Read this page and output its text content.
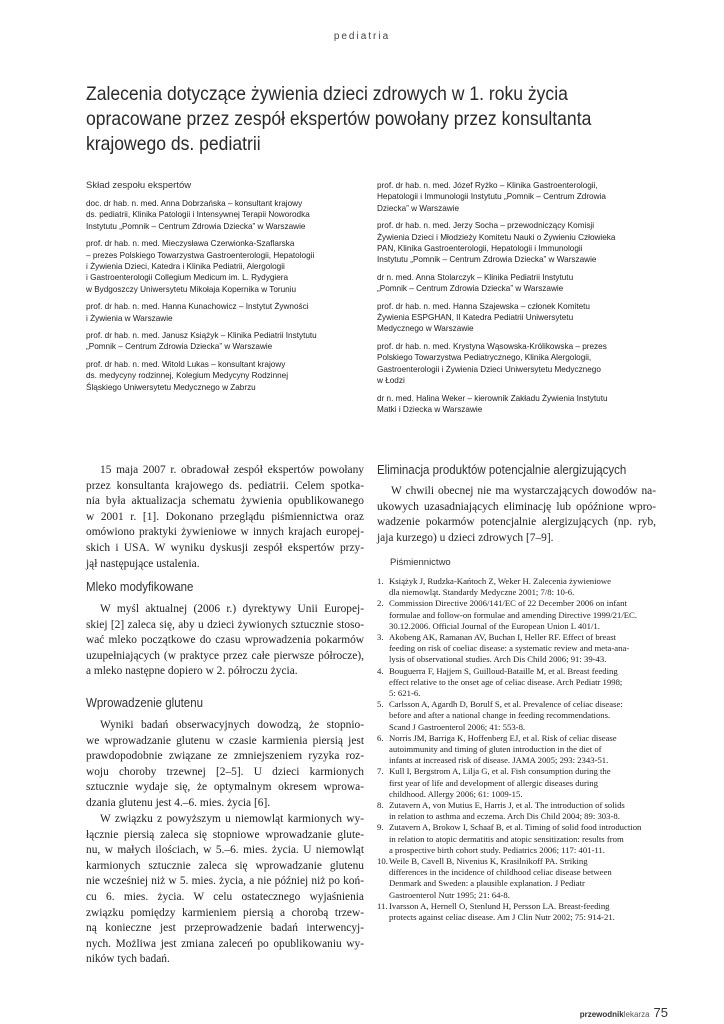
pediatria
Zalecenia dotyczące żywienia dzieci zdrowych w 1. roku życia
opracowane przez zespół ekspertów powołany przez konsultanta
krajowego ds. pediatrii
Skład zespołu ekspertów
doc. dr hab. n. med. Anna Dobrzańska – konsultant krajowy
ds. pediatrii, Klinika Patologii i Intensywnej Terapii Noworodka
Instytutu „Pomnik – Centrum Zdrowia Dziecka” w Warszawie
prof. dr hab. n. med. Mieczysława Czerwionka-Szaflarska
– prezes Polskiego Towarzystwa Gastroenterologii, Hepatologii
i Żywienia Dzieci, Katedra i Klinika Pediatrii, Alergologii
i Gastroenterologii Collegium Medicum im. L. Rydygiera
w Bydgoszczy Uniwersytetu Mikołaja Kopernika w Toruniu
prof. dr hab. n. med. Hanna Kunachowicz – Instytut Żywności
i Żywienia w Warszawie
prof. dr hab. n. med. Janusz Książyk – Klinika Pediatrii Instytutu
„Pomnik – Centrum Zdrowia Dziecka” w Warszawie
prof. dr hab. n. med. Witold Lukas – konsultant krajowy
ds. medycyny rodzinnej, Kolegium Medycyny Rodzinnej
Śląskiego Uniwersytetu Medycznego w Zabrzu
prof. dr hab. n. med. Józef Ryżko – Klinika Gastroenterologii,
Hepatologii i Immunologii Instytutu „Pomnik – Centrum Zdrowia
Dziecka” w Warszawie
prof. dr hab. n. med. Jerzy Socha – przewodniczący Komisji
Żywienia Dzieci i Młodzieży Komitetu Nauki o Żywieniu Człowieka
PAN, Klinika Gastroenterologii, Hepatologii i Immunologii
Instytutu „Pomnik – Centrum Zdrowia Dziecka” w Warszawie
dr n. med. Anna Stolarczyk – Klinika Pediatrii Instytutu
„Pomnik – Centrum Zdrowia Dziecka” w Warszawie
prof. dr hab. n. med. Hanna Szajewska – członek Komitetu
Żywienia ESPGHAN, II Katedra Pediatrii Uniwersytetu
Medycznego w Warszawie
prof. dr hab. n. med. Krystyna Wąsowska-Królikowska – prezes
Polskiego Towarzystwa Pediatrycznego, Klinika Alergologii,
Gastroenterologii i Żywienia Dzieci Uniwersytetu Medycznego
w Łodzi
dr n. med. Halina Weker – kierownik Zakładu Żywienia Instytutu
Matki i Dziecka w Warszawie
15 maja 2007 r. obradował zespół ekspertów powołany
przez konsultanta krajowego ds. pediatrii. Celem spotka-
nia była aktualizacja schematu żywienia opublikowanego
w 2001 r. [1]. Dokonano przeglądu piśmiennictwa oraz
omówiono praktyki żywieniowe w innych krajach europej-
skich i USA. W wyniku dyskusji zespół ekspertów przy-
jął następujące ustalenia.
Mleko modyfikowane
W myśl aktualnej (2006 r.) dyrektywy Unii Europej-
skiej [2] zaleca się, aby u dzieci żywionych sztucznie stoso-
wać mleko początkowe do czasu wprowadzenia pokarmów
uzupełniających (w praktyce przez całe pierwsze półrocze),
a mleko następne dopiero w 2. półroczu życia.
Wprowadzenie glutenu
Wyniki badań obserwacyjnych dowodzą, że stopnio-
we wprowadzanie glutenu w czasie karmienia piersią jest
prawdopodobnie związane ze zmniejszeniem ryzyka roz-
woju choroby trzewnej [2–5]. U dzieci karmionych
sztucznie wydaje się, że optymalnym okresem wprowa-
dzania glutenu jest 4.–6. mies. życia [6].
W związku z powyższym u niemowląt karmionych wy-
łącznie piersią zaleca się stopniowe wprowadzanie glute-
nu, w małych ilościach, w 5.–6. mies. życia. U niemowląt
karmionych sztucznie zaleca się wprowadzanie glutenu
nie wcześniej niż w 5. mies. życia, a nie później niż po koń-
cu 6. mies. życia. W celu ostatecznego wyjaśnienia
związku pomiędzy karmieniem piersią a chorobą trzew-
ną konieczne jest przeprowadzenie badań interwencyj-
nych. Możliwa jest zmiana zaleceń po opublikowaniu wy-
ników tych badań.
Eliminacja produktów potencjalnie alergizujących
W chwili obecnej nie ma wystarczających dowodów na-
ukowych uzasadniających eliminację lub opóźnione wpro-
wadzenie pokarmów potencjalnie alergizujących (np. ryb,
jaja kurzego) u dzieci zdrowych [7–9].
Piśmiennictwo
1. Książyk J, Rudzka-Kańtoch Z, Weker H. Zalecenia żywieniowe
dla niemowląt. Standardy Medyczne 2001; 7/8: 10-6.
2. Commission Directive 2006/141/EC of 22 December 2006 on infant
formulae and follow-on formulae and amending Directive 1999/21/EC.
30.12.2006. Official Journal of the European Union L 401/1.
3. Akobeng AK, Ramanan AV, Buchan I, Heller RF. Effect of breast
feeding on risk of coeliac disease: a systematic review and meta-ana-
lysis of observational studies. Arch Dis Child 2006; 91: 39-43.
4. Bouguerra F, Hajjem S, Guilloud-Bataille M, et al. Breast feeding
effect relative to the onset age of celiac disease. Arch Pediatr 1998;
5: 621-6.
5. Carlsson A, Agardh D, Borulf S, et al. Prevalence of celiac disease:
before and after a national change in feeding recommendations.
Scand J Gastroenterol 2006; 41: 553-8.
6. Norris JM, Barriga K, Hoffenberg EJ, et al. Risk of celiac disease
autoimmunity and timing of gluten introduction in the diet of
infants at increased risk of disease. JAMA 2005; 293: 2343-51.
7. Kull I, Bergstrom A, Lilja G, et al. Fish consumption during the
first year of life and development of allergic diseases during
childhood. Allergy 2006; 61: 1009-15.
8. Zutavern A, von Mutius E, Harris J, et al. The introduction of solids
in relation to asthma and eczema. Arch Dis Child 2004; 89: 303-8.
9. Zutavern A, Brokow I, Schaaf B, et al. Timing of solid food introduction
in relation to atopic dermatitis and atopic sensitization: results from
a prospective birth cohort study. Pediatrics 2006; 117: 401-11.
10. Weile B, Cavell B, Nivenius K, Krasilnikoff PA. Striking
differences in the incidence of childhood celiac disease between
Denmark and Sweden: a plausible explanation. J Pediatr
Gastroenterol Nutr 1995; 21: 64-8.
11. Ivarsson A, Hernell O, Stenlund H, Persson LA. Breast-feeding
protects against celiac disease. Am J Clin Nutr 2002; 75: 914-21.
przewodniklekarza 75
